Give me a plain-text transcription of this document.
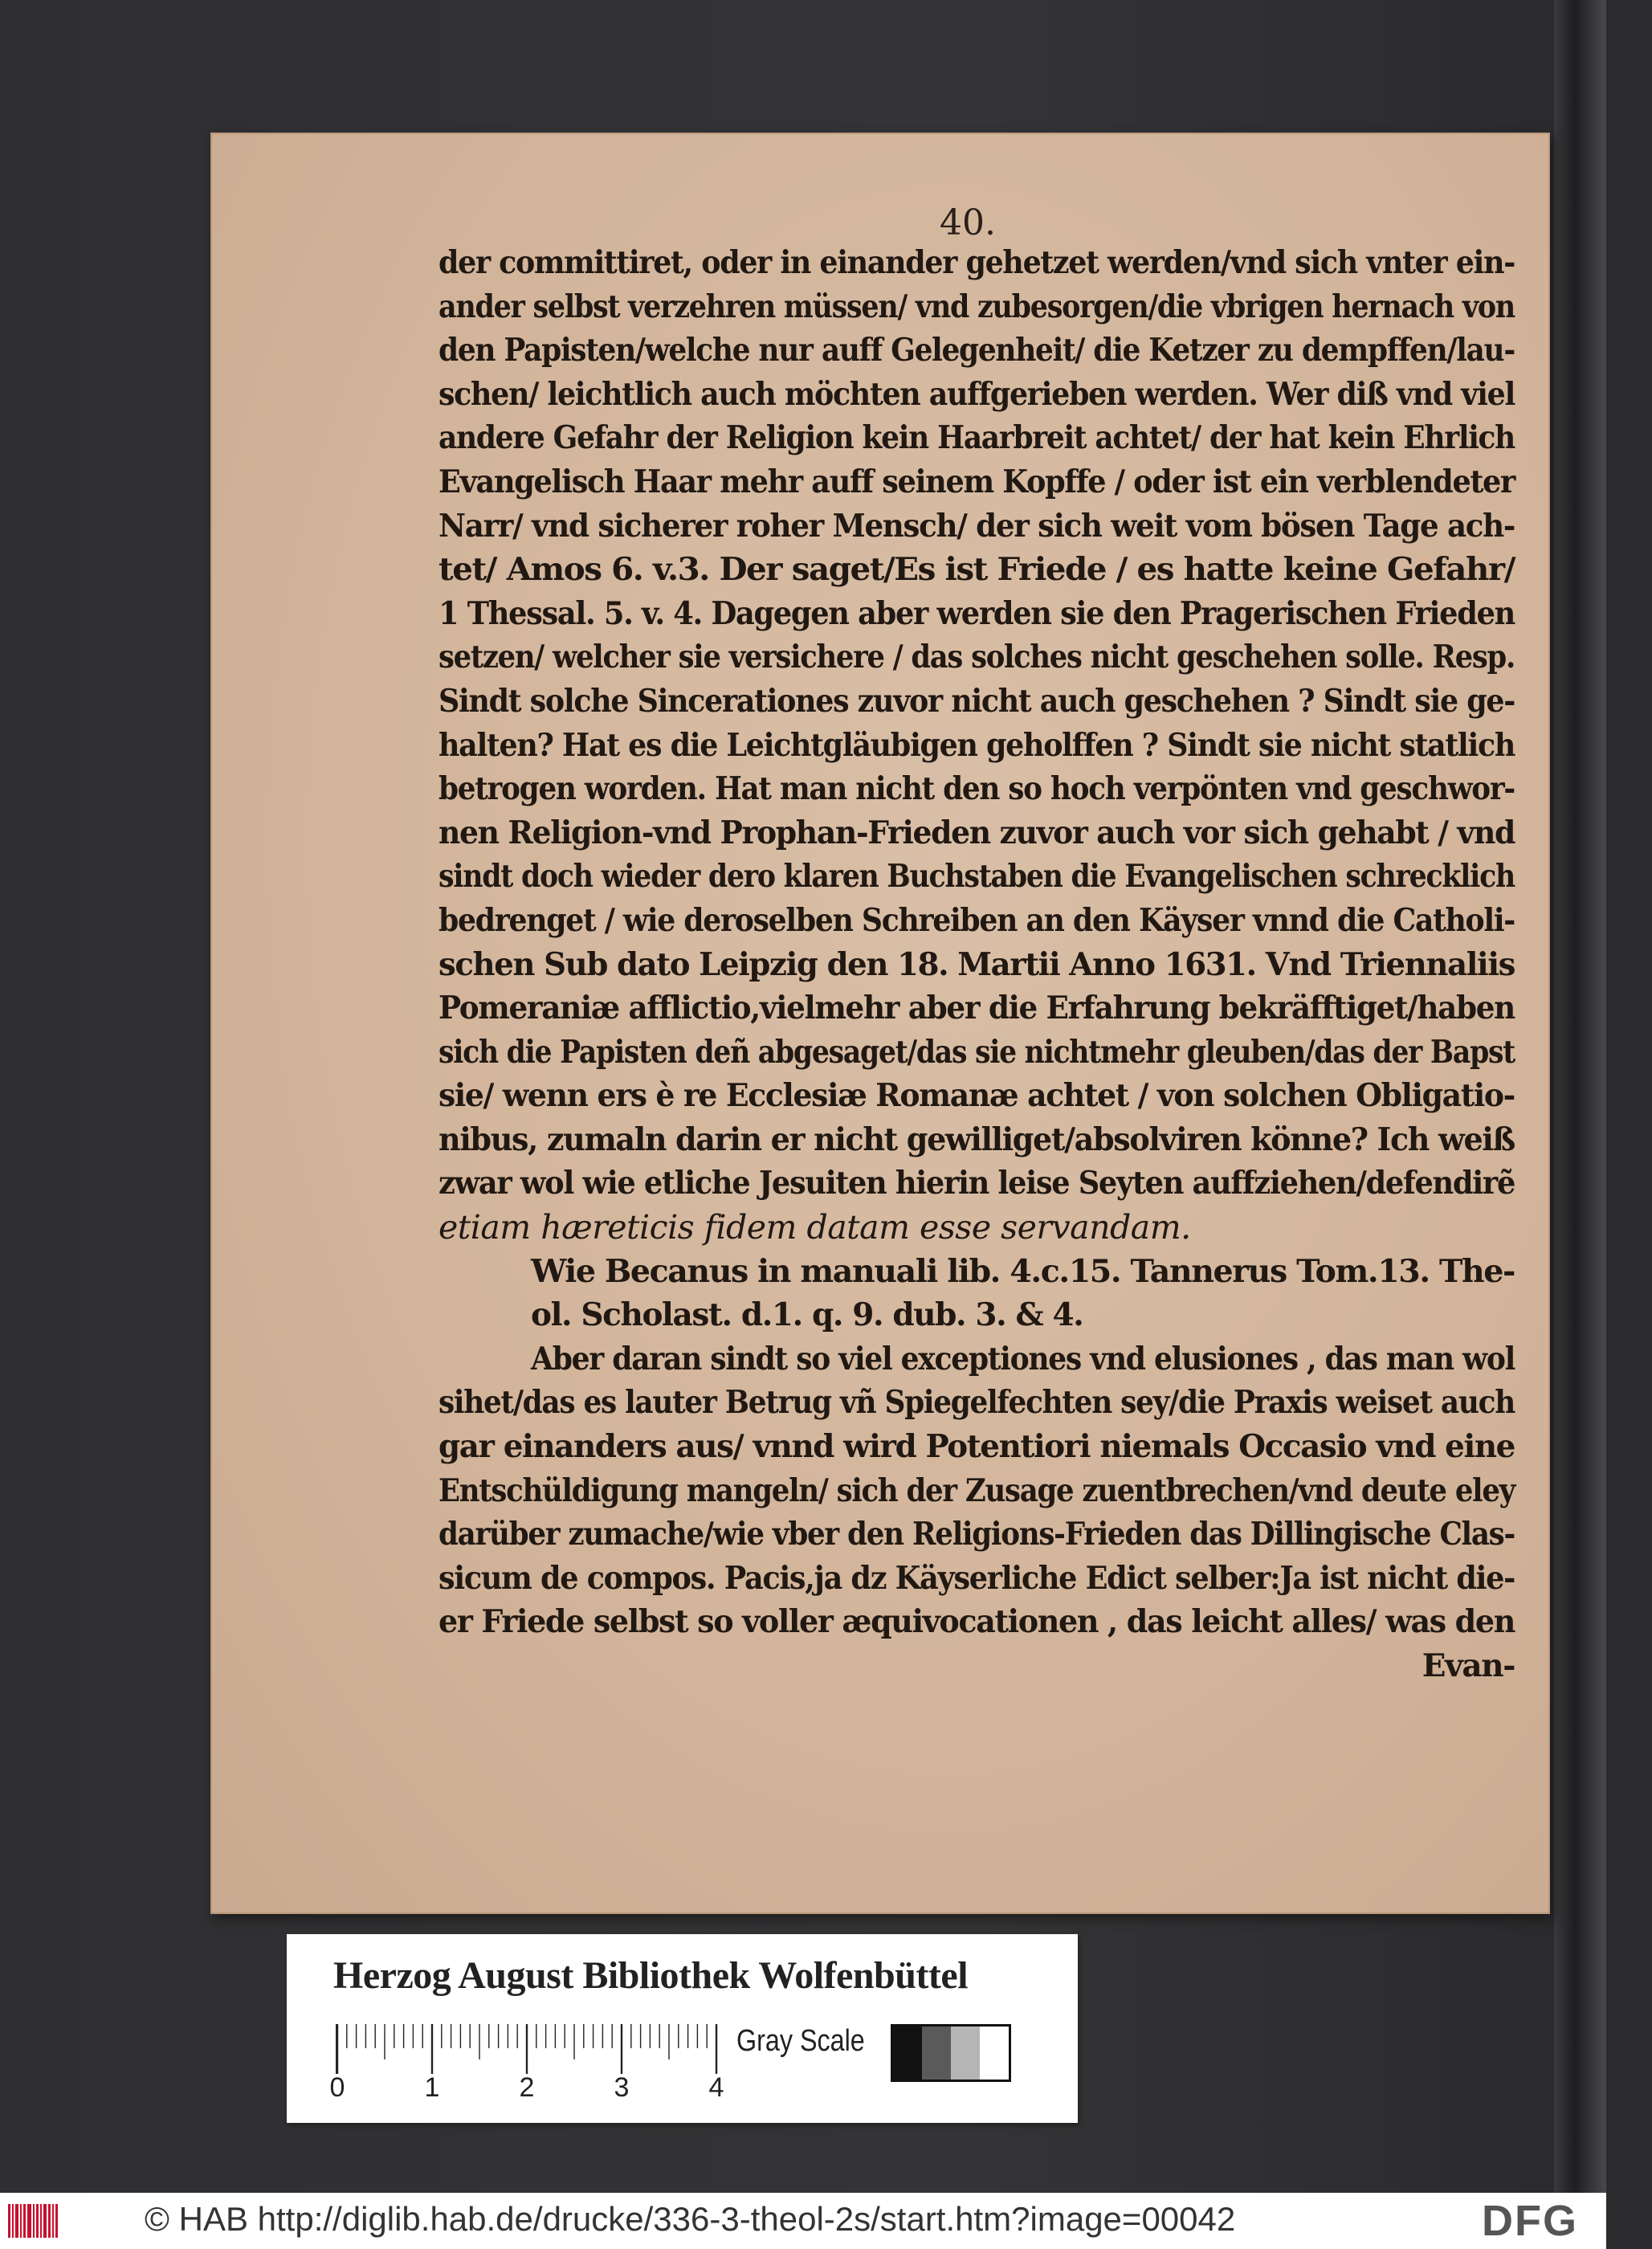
40.

der committiret, oder in einander gehetzet werden/vnd sich vnter ein-

ander selbst verzehren müssen/ vnd zubesorgen/die vbrigen hernach von

den Papisten/welche nur auff Gelegenheit/ die Ketzer zu dempffen/lau-

schen/ leichtlich auch möchten auffgerieben werden. Wer diß vnd viel

andere Gefahr der Religion kein Haarbreit achtet/ der hat kein Ehrlich

Evangelisch Haar mehr auff seinem Kopffe / oder ist ein verblendeter

Narr/ vnd sicherer roher Mensch/ der sich weit vom bösen Tage ach-

tet/ Amos 6. v.3. Der saget/Es ist Friede / es hatte keine Gefahr/

1 Thessal. 5. v. 4. Dagegen aber werden sie den Pragerischen Frieden

setzen/ welcher sie versichere / das solches nicht geschehen solle. Resp.

Sindt solche Sincerationes zuvor nicht auch geschehen ? Sindt sie ge-

halten? Hat es die Leichtgläubigen geholffen ? Sindt sie nicht statlich

betrogen worden. Hat man nicht den so hoch verpönten vnd geschwor-

nen Religion-vnd Prophan-Frieden zuvor auch vor sich gehabt / vnd

sindt doch wieder dero klaren Buchstaben die Evangelischen schrecklich

bedrenget / wie deroselben Schreiben an den Käyser vnnd die Catholi-

schen Sub dato Leipzig den 18. Martii Anno 1631. Vnd Triennaliis

Pomeraniæ afflictio,vielmehr aber die Erfahrung bekräfftiget/haben

sich die Papisten deñ abgesaget/das sie nichtmehr gleuben/das der Bapst

sie/ wenn ers è re Ecclesiæ Romanæ achtet / von solchen Obligatio-

nibus, zumaln darin er nicht gewilliget/absolviren könne? Ich weiß

zwar wol wie etliche Jesuiten hierin leise Seyten auffziehen/defendirẽ

etiam hæreticis fidem datam esse servandam.

Wie Becanus in manuali lib. 4.c.15. Tannerus Tom.13. The-

ol. Scholast. d.1. q. 9. dub. 3. & 4.

Aber daran sindt so viel exceptiones vnd elusiones , das man wol

sihet/das es lauter Betrug vñ Spiegelfechten sey/die Praxis weiset auch

gar einanders aus/ vnnd wird Potentiori niemals Occasio vnd eine

Entschüldigung mangeln/ sich der Zusage zuentbrechen/vnd deute eley

darüber zumache/wie vber den Religions-Frieden das Dillingische Clas-

sicum de compos. Pacis,ja dz Käyserliche Edict selber:Ja ist nicht die-

er Friede selbst so voller æquivocationen , das leicht alles/ was den

Evan-

Herzog August Bibliothek Wolfenbüttel
0	1	2	3	4
Gray Scale
© HAB http://diglib.hab.de/drucke/336-3-theol-2s/start.htm?image=00042	DFG
